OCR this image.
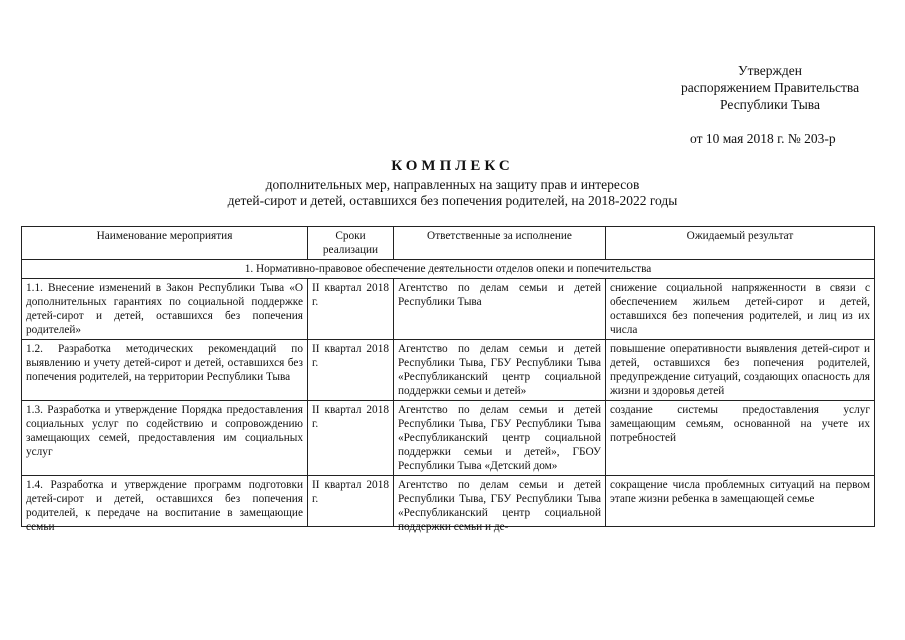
Утвержден
распоряжением Правительства
Республики Тыва
от 10 мая 2018 г. № 203-р
КОМПЛЕКС
дополнительных мер, направленных на защиту прав и интересов
детей-сирот и детей, оставшихся без попечения родителей, на 2018-2022 годы
Наименование мероприятия	Сроки реализации	Ответственные за исполнение	Ожидаемый результат
1. Нормативно-правовое обеспечение деятельности отделов опеки и попечительства			
1.1. Внесение изменений в Закон Республики Тыва «О дополнительных гарантиях по социальной поддержке детей-сирот и детей, оставшихся без попечения родителей»	II квартал 2018 г.	Агентство по делам семьи и детей Республики Тыва	снижение социальной напряженности в связи с обеспечением жильем детей-сирот и детей, оставшихся без попечения родителей, и лиц из их числа
1.2. Разработка методических рекомендаций по выявлению и учету детей-сирот и детей, оставшихся без попечения родителей, на территории Республики Тыва	II квартал 2018 г.	Агентство по делам семьи и детей Республики Тыва, ГБУ Республики Тыва «Республиканский центр социальной поддержки семьи и детей»	повышение оперативности выявления детей-сирот и детей, оставшихся без попечения родителей, предупреждение ситуаций, создающих опасность для жизни и здоровья детей
1.3. Разработка и утверждение Порядка предоставления социальных услуг по содействию и сопровождению замещающих семей, предоставления им социальных услуг	II квартал 2018 г.	Агентство по делам семьи и детей Республики Тыва, ГБУ Республики Тыва «Республиканский центр социальной поддержки семьи и детей», ГБОУ Республики Тыва «Детский дом»	создание системы предоставления услуг замещающим семьям, основанной на учете их потребностей

1.4. Разработка и утверждение программ подготовки детей-сирот и детей, оставшихся без попечения родителей, к передаче на воспитание в замещающие семьи	II квартал 2018 г.	Агентство по делам семьи и детей Республики Тыва, ГБУ Республики Тыва «Республиканский центр социальной поддержки семьи и де-	сокращение числа проблемных ситуаций на первом этапе жизни ребенка в замещающей семье
